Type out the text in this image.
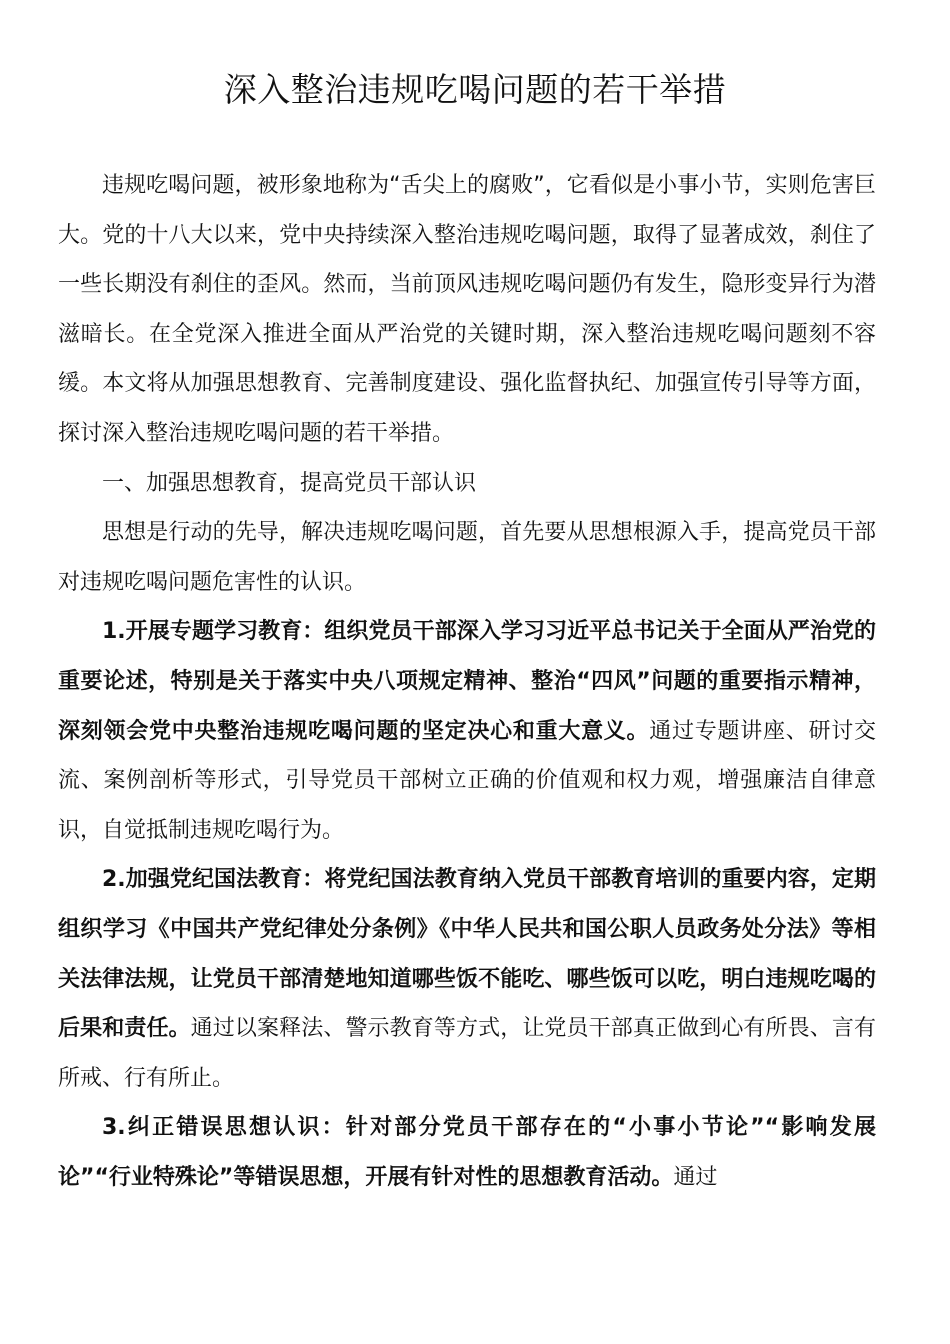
深入整治违规吃喝问题的若干举措

违规吃喝问题，被形象地称为“舌尖上的腐败”，它看似是小事小节，实则危害巨大。党的十八大以来，党中央持续深入整治违规吃喝问题，取得了显著成效，刹住了一些长期没有刹住的歪风。然而，当前顶风违规吃喝问题仍有发生，隐形变异行为潜滋暗长。在全党深入推进全面从严治党的关键时期，深入整治违规吃喝问题刻不容缓。本文将从加强思想教育、完善制度建设、强化监督执纪、加强宣传引导等方面，探讨深入整治违规吃喝问题的若干举措。

一、加强思想教育，提高党员干部认识

思想是行动的先导，解决违规吃喝问题，首先要从思想根源入手，提高党员干部对违规吃喝问题危害性的认识。

1.开展专题学习教育：组织党员干部深入学习习近平总书记关于全面从严治党的重要论述，特别是关于落实中央八项规定精神、整治“四风”问题的重要指示精神，深刻领会党中央整治违规吃喝问题的坚定决心和重大意义。通过专题讲座、研讨交流、案例剖析等形式，引导党员干部树立正确的价值观和权力观，增强廉洁自律意识，自觉抵制违规吃喝行为。

2.加强党纪国法教育：将党纪国法教育纳入党员干部教育培训的重要内容，定期组织学习《中国共产党纪律处分条例》《中华人民共和国公职人员政务处分法》等相关法律法规，让党员干部清楚地知道哪些饭不能吃、哪些饭可以吃，明白违规吃喝的后果和责任。通过以案释法、警示教育等方式，让党员干部真正做到心有所畏、言有所戒、行有所止。

3.纠正错误思想认识：针对部分党员干部存在的“小事小节论”“影响发展论”“行业特殊论”等错误思想，开展有针对性的思想教育活动。通过
